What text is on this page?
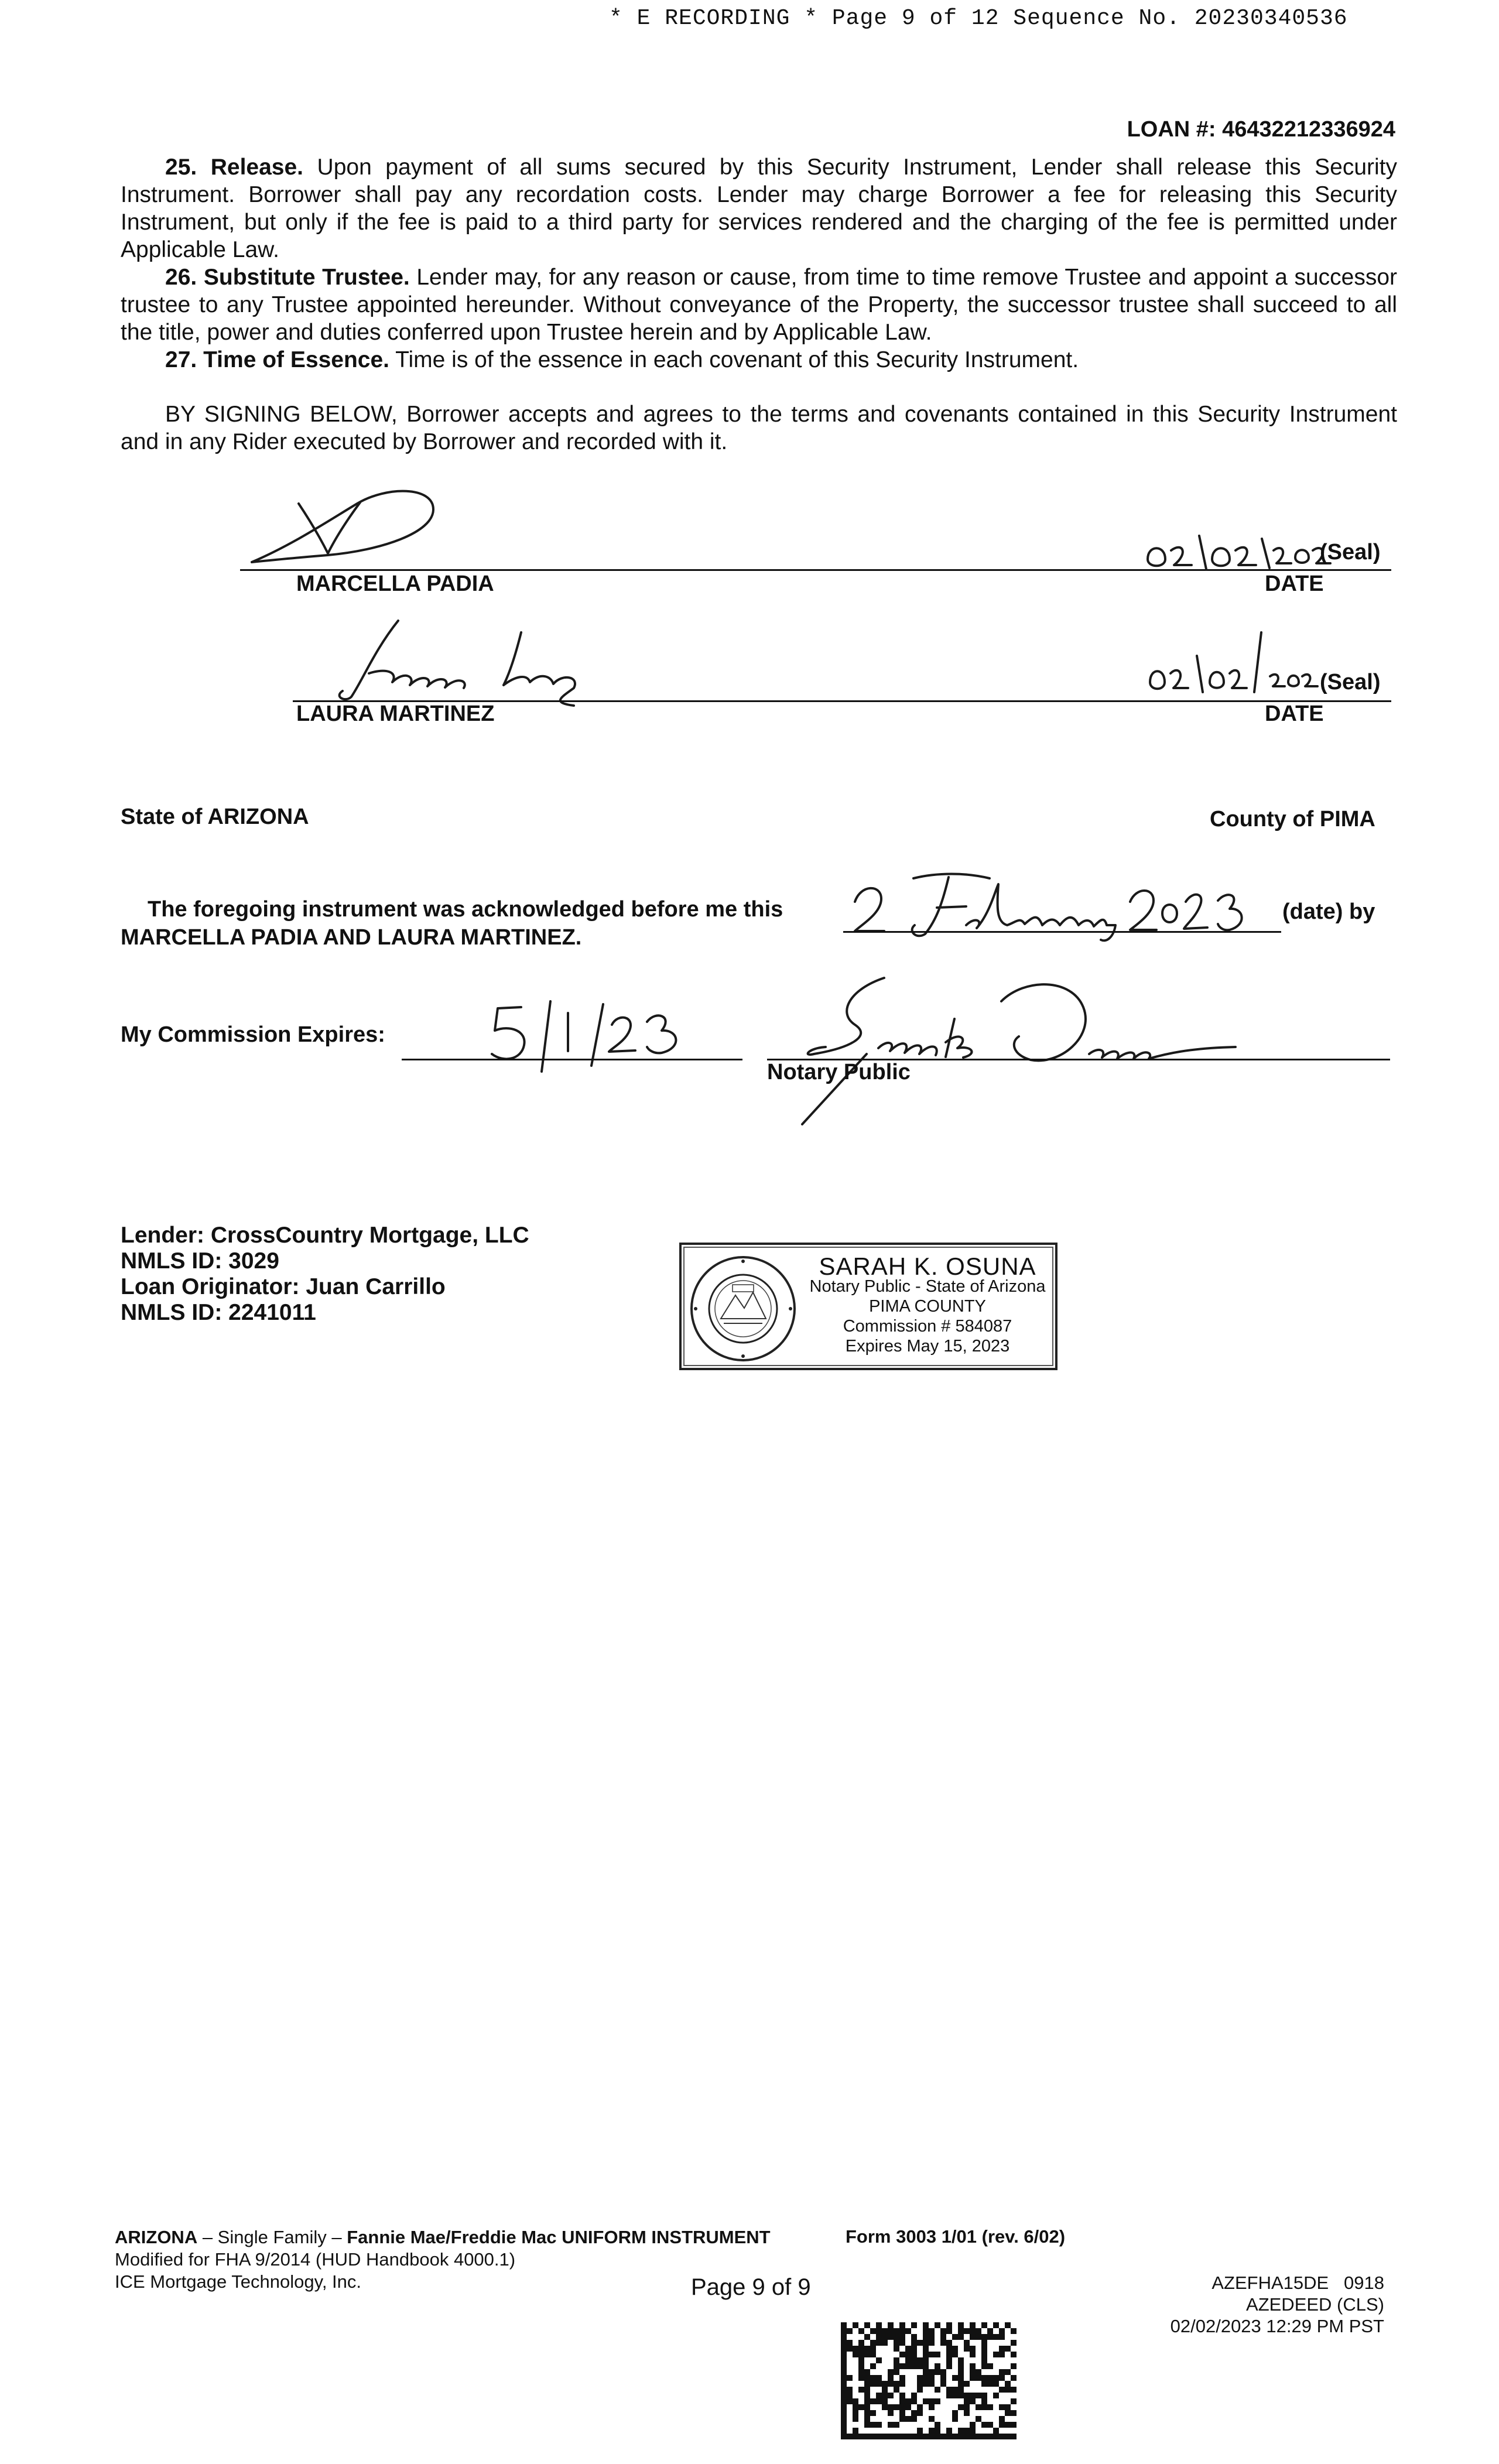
* E RECORDING * Page 9 of 12 Sequence No. 20230340536
LOAN #: 46432212336924

25. Release. Upon payment of all sums secured by this Security Instrument, Lender shall release this Security Instrument. Borrower shall pay any recordation costs. Lender may charge Borrower a fee for releasing this Security Instrument, but only if the fee is paid to a third party for services rendered and the charging of the fee is permitted under Applicable Law.

26. Substitute Trustee. Lender may, for any reason or cause, from time to time remove Trustee and appoint a successor trustee to any Trustee appointed hereunder. Without conveyance of the Property, the successor trustee shall succeed to all the title, power and duties conferred upon Trustee herein and by Applicable Law.

27. Time of Essence. Time is of the essence in each covenant of this Security Instrument.

BY SIGNING BELOW, Borrower accepts and agrees to the terms and covenants contained in this Security Instrument and in any Rider executed by Borrower and recorded with it.

(Seal)
MARCELLA PADIA	DATE
(Seal)
LAURA MARTINEZ	DATE
State of ARIZONA	County of PIMA
The foregoing instrument was acknowledged before me this	(date) by
MARCELLA PADIA AND LAURA MARTINEZ.
My Commission Expires:
Notary Public
Lender: CrossCountry Mortgage, LLC
NMLS ID: 3029
Loan Originator: Juan Carrillo
NMLS ID: 2241011
SARAH K. OSUNA
Notary Public - State of Arizona
PIMA COUNTY
Commission # 584087
Expires May 15, 2023
ARIZONA – Single Family – Fannie Mae/Freddie Mac UNIFORM INSTRUMENT
Modified for FHA 9/2014 (HUD Handbook 4000.1)
ICE Mortgage Technology, Inc.
Form 3003 1/01 (rev. 6/02)
Page 9 of 9	AZEFHA15DE   0918
AZEDEED (CLS)
02/02/2023 12:29 PM PST
